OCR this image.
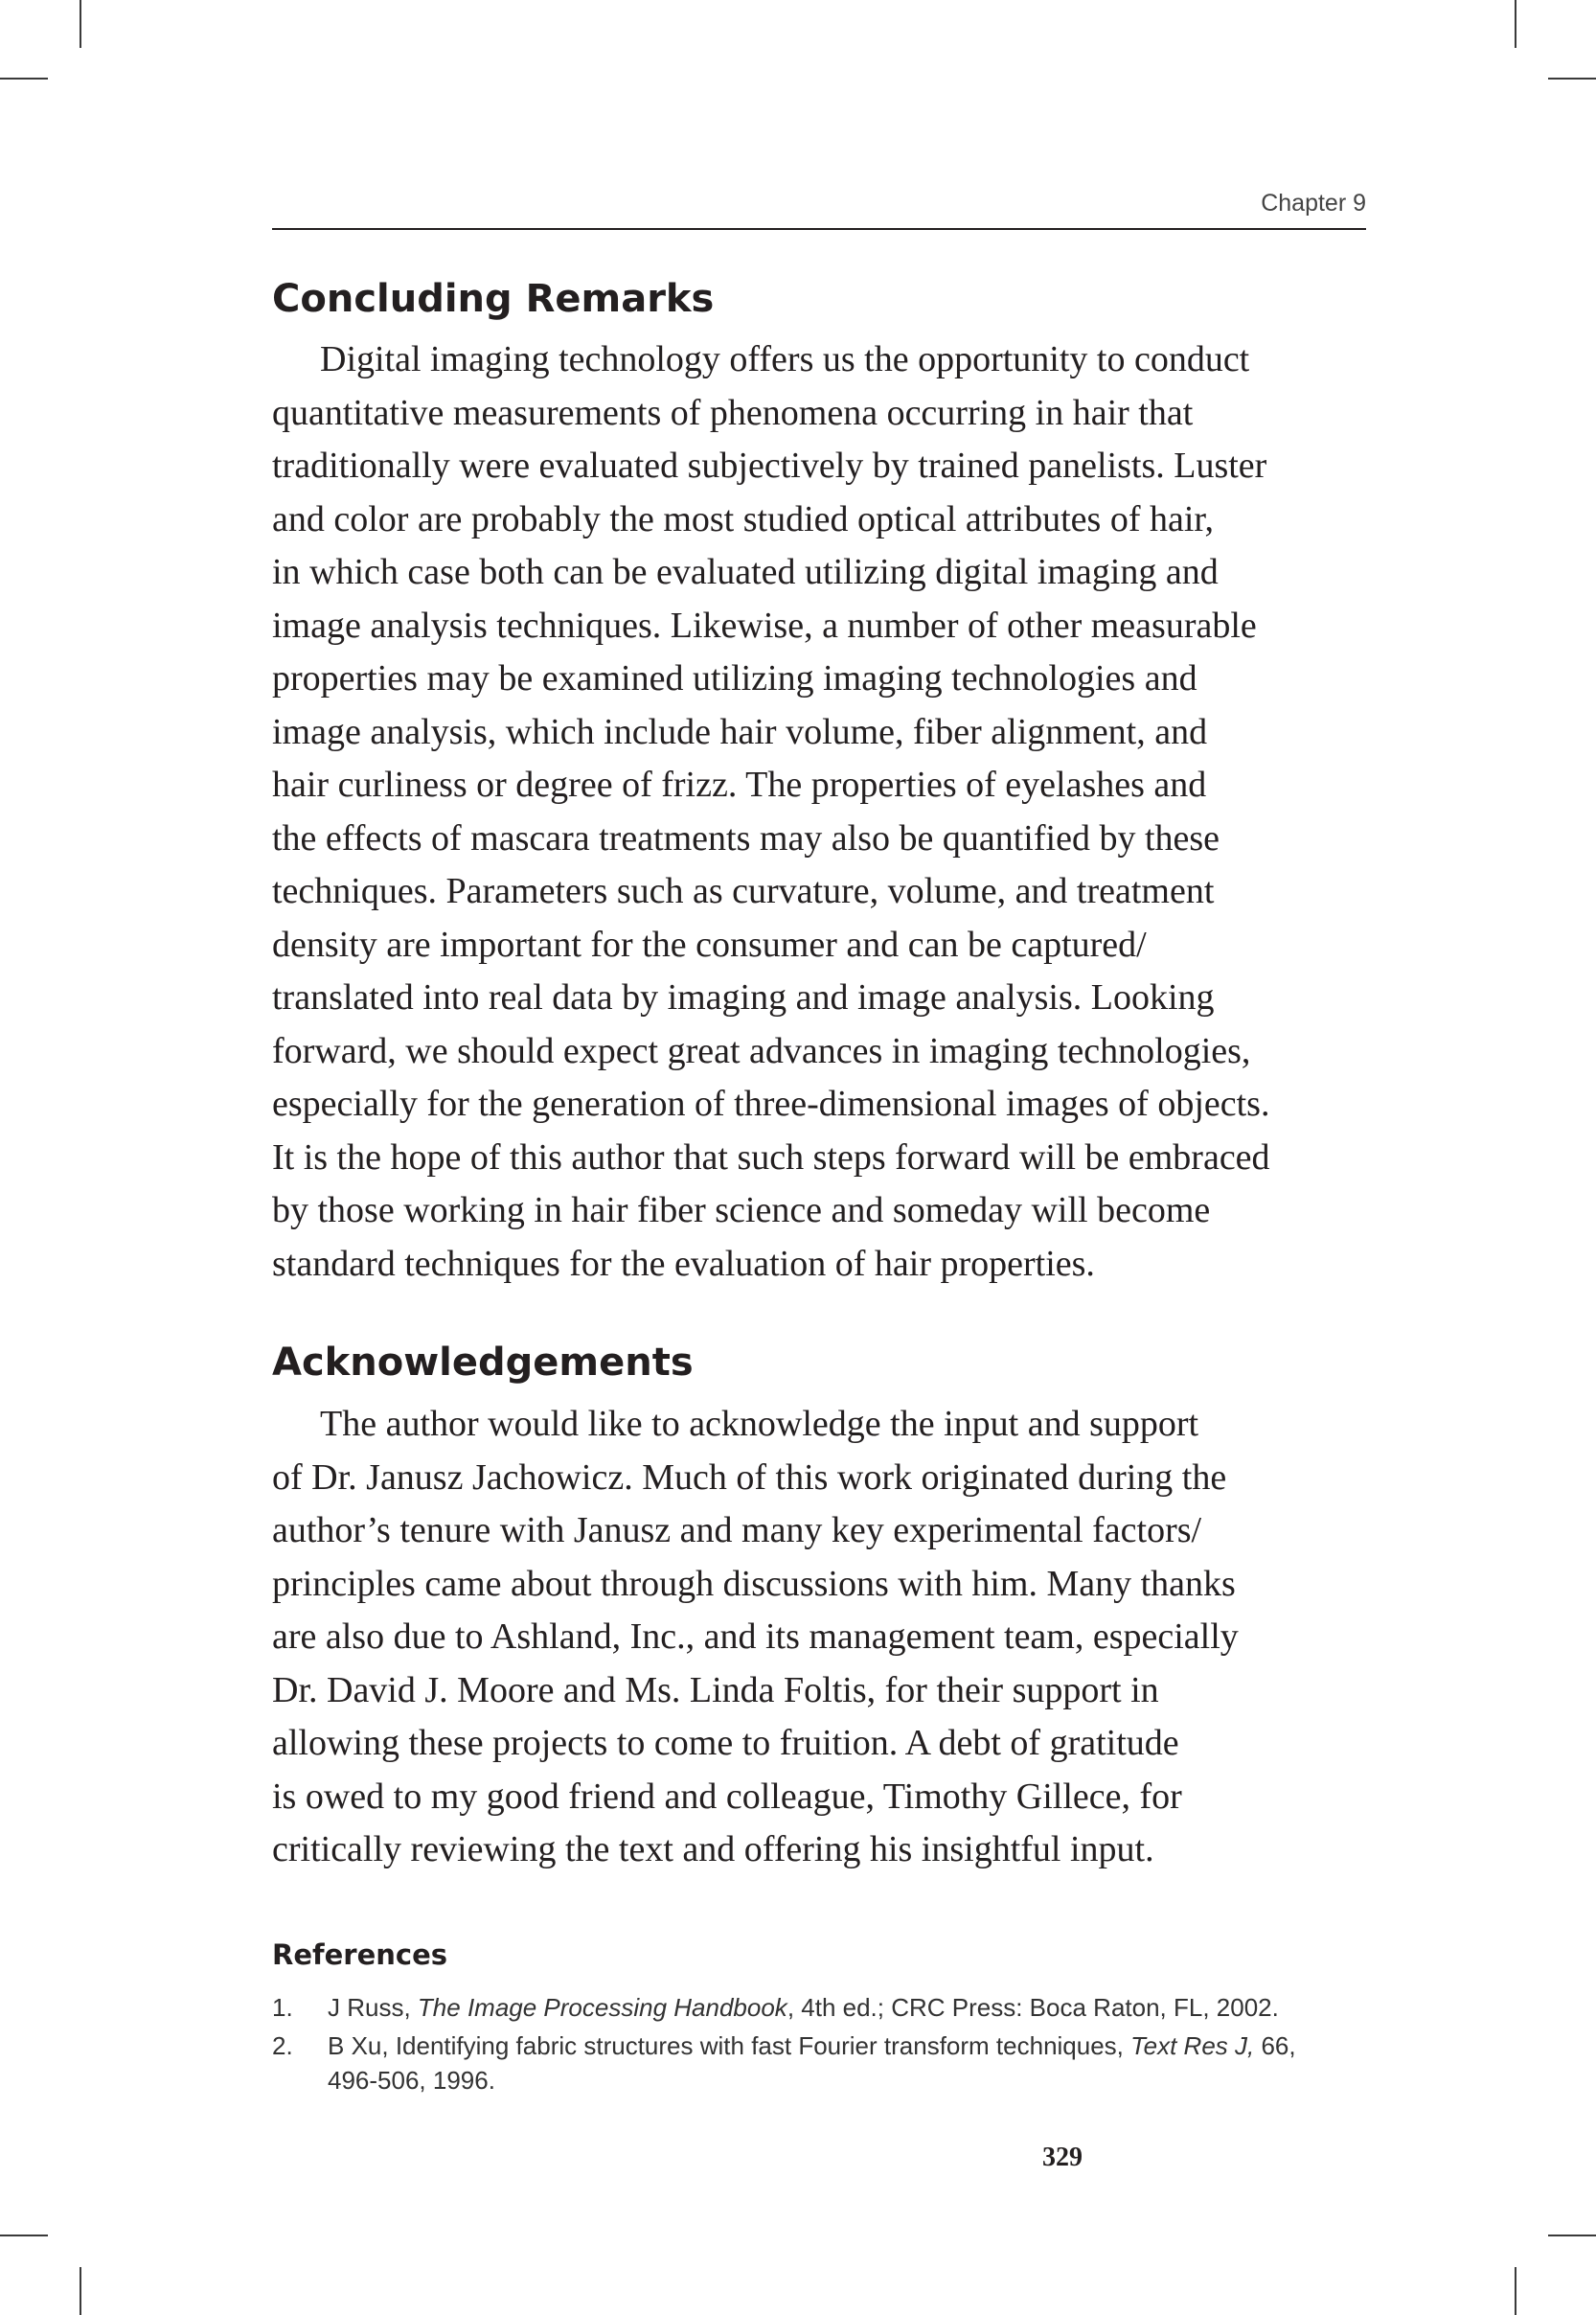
Chapter 9
Concluding Remarks

Digital imaging technology offers us the opportunity to conduct
quantitative measurements of phenomena occurring in hair that
traditionally were evaluated subjectively by trained panelists. Luster
and color are probably the most studied optical attributes of hair,
in which case both can be evaluated utilizing digital imaging and
image analysis techniques. Likewise, a number of other measurable
properties may be examined utilizing imaging technologies and
image analysis, which include hair volume, fiber alignment, and
hair curliness or degree of frizz. The properties of eyelashes and
the effects of mascara treatments may also be quantified by these
techniques. Parameters such as curvature, volume, and treatment
density are important for the consumer and can be captured/
translated into real data by imaging and image analysis. Looking
forward, we should expect great advances in imaging technologies,
especially for the generation of three-dimensional images of objects.
It is the hope of this author that such steps forward will be embraced
by those working in hair fiber science and someday will become
standard techniques for the evaluation of hair properties.

Acknowledgements

The author would like to acknowledge the input and support
of Dr. Janusz Jachowicz. Much of this work originated during the
author’s tenure with Janusz and many key experimental factors/
principles came about through discussions with him. Many thanks
are also due to Ashland, Inc., and its management team, especially
Dr. David J. Moore and Ms. Linda Foltis, for their support in
allowing these projects to come to fruition. A debt of gratitude
is owed to my good friend and colleague, Timothy Gillece, for
critically reviewing the text and offering his insightful input.

References
1. J Russ, The Image Processing Handbook, 4th ed.; CRC Press: Boca Raton, FL, 2002.
2. B Xu, Identifying fabric structures with fast Fourier transform techniques, Text Res J, 66,
496-506, 1996.
329
